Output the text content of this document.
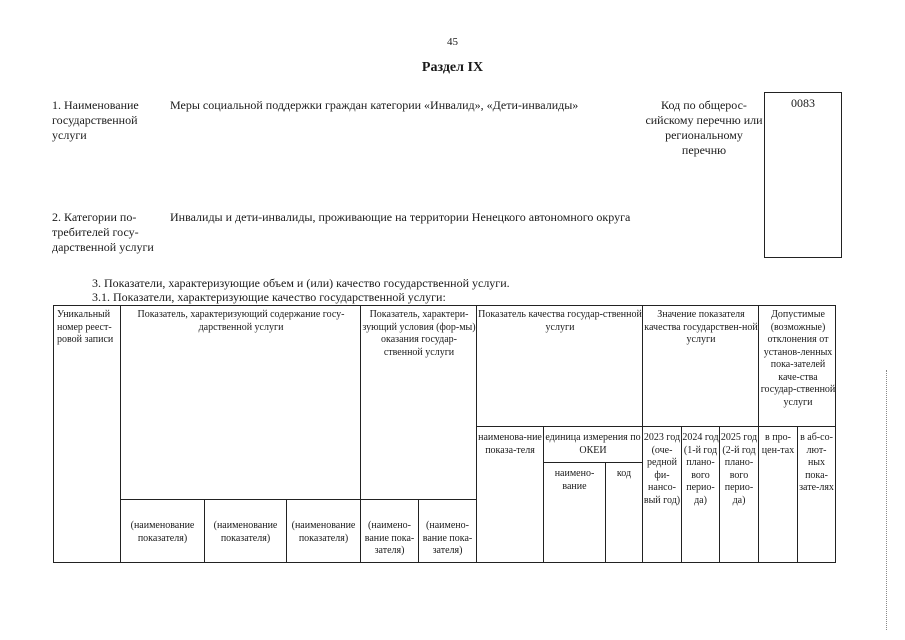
45
Раздел IX
1. Наименование государственной услуги
Меры социальной поддержки граждан категории «Инвалид», «Дети-инвалиды»	Код по общерос-сийскому перечню или региональному перечню
0083
2. Категории по-требителей госу-дарственной услуги
Инвалиды и дети-инвалиды, проживающие на территории Ненецкого автономного округа
3. Показатели, характеризующие объем и (или) качество государственной услуги.
3.1. Показатели, характеризующие качество государственной услуги:
Уникальный номер реест-ровой записи
Показатель, характеризующий содержание госу-дарственной услуги
Показатель, характери-зующий условия (фор-мы) оказания государ-ственной услуги
Показатель качества государ-ственной услуги
Значение показателя качества государствен-ной услуги
Допустимые (возможные) отклонения от установ-ленных пока-зателей каче-ства государ-ственной услуги
наименова-ние показа-теля
единица измерения по ОКЕИ
наимено-вание
код
2023 год (оче-редной фи-нансо-вый год)
2024 год (1-й год плано-вого перио-да)
2025 год (2-й год плано-вого перио-да)
в про-цен-тах
в аб-со-лют-ных пока-зате-лях
(наименование показателя)
(наименование показателя)
(наименование показателя)
(наимено-вание пока-зателя)
(наимено-вание пока-зателя)
